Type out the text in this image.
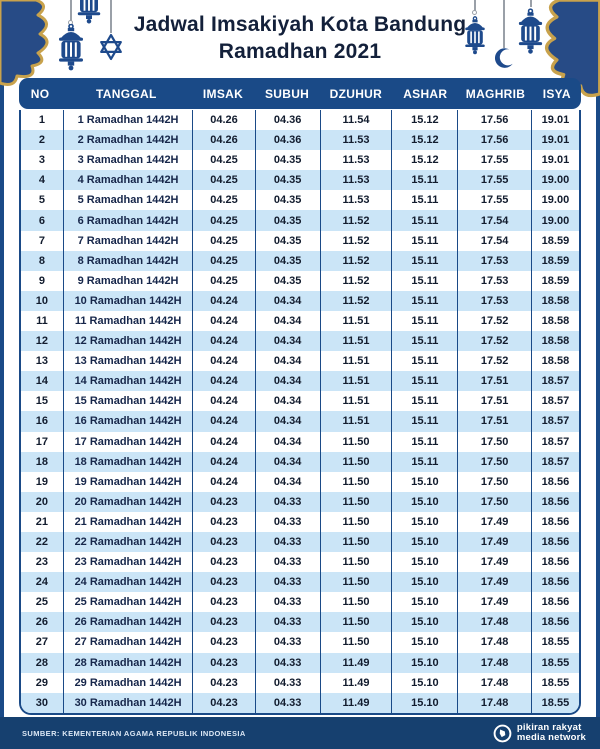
Jadwal Imsakiyah Kota Bandung
Ramadhan 2021
NO	TANGGAL	IMSAK	SUBUH	DZUHUR	ASHAR	MAGHRIB	ISYA
1	1 Ramadhan 1442H	04.26	04.36	11.54	15.12	17.56	19.01
2	2 Ramadhan 1442H	04.26	04.36	11.53	15.12	17.56	19.01
3	3 Ramadhan 1442H	04.25	04.35	11.53	15.12	17.55	19.01
4	4 Ramadhan 1442H	04.25	04.35	11.53	15.11	17.55	19.00
5	5 Ramadhan 1442H	04.25	04.35	11.53	15.11	17.55	19.00
6	6 Ramadhan 1442H	04.25	04.35	11.52	15.11	17.54	19.00
7	7 Ramadhan 1442H	04.25	04.35	11.52	15.11	17.54	18.59
8	8 Ramadhan 1442H	04.25	04.35	11.52	15.11	17.53	18.59
9	9 Ramadhan 1442H	04.25	04.35	11.52	15.11	17.53	18.59
10	10 Ramadhan 1442H	04.24	04.34	11.52	15.11	17.53	18.58
11	11 Ramadhan 1442H	04.24	04.34	11.51	15.11	17.52	18.58
12	12 Ramadhan 1442H	04.24	04.34	11.51	15.11	17.52	18.58
13	13 Ramadhan 1442H	04.24	04.34	11.51	15.11	17.52	18.58
14	14 Ramadhan 1442H	04.24	04.34	11.51	15.11	17.51	18.57
15	15 Ramadhan 1442H	04.24	04.34	11.51	15.11	17.51	18.57
16	16 Ramadhan 1442H	04.24	04.34	11.51	15.11	17.51	18.57
17	17 Ramadhan 1442H	04.24	04.34	11.50	15.11	17.50	18.57
18	18 Ramadhan 1442H	04.24	04.34	11.50	15.11	17.50	18.57
19	19 Ramadhan 1442H	04.24	04.34	11.50	15.10	17.50	18.56
20	20 Ramadhan 1442H	04.23	04.33	11.50	15.10	17.50	18.56
21	21 Ramadhan 1442H	04.23	04.33	11.50	15.10	17.49	18.56
22	22 Ramadhan 1442H	04.23	04.33	11.50	15.10	17.49	18.56
23	23 Ramadhan 1442H	04.23	04.33	11.50	15.10	17.49	18.56
24	24 Ramadhan 1442H	04.23	04.33	11.50	15.10	17.49	18.56
25	25 Ramadhan 1442H	04.23	04.33	11.50	15.10	17.49	18.56
26	26 Ramadhan 1442H	04.23	04.33	11.50	15.10	17.48	18.56
27	27 Ramadhan 1442H	04.23	04.33	11.50	15.10	17.48	18.55
28	28 Ramadhan 1442H	04.23	04.33	11.49	15.10	17.48	18.55
29	29 Ramadhan 1442H	04.23	04.33	11.49	15.10	17.48	18.55
30	30 Ramadhan 1442H	04.23	04.33	11.49	15.10	17.48	18.55
SUMBER: KEMENTERIAN AGAMA REPUBLIK INDONESIA
pikiran rakyat
media network
